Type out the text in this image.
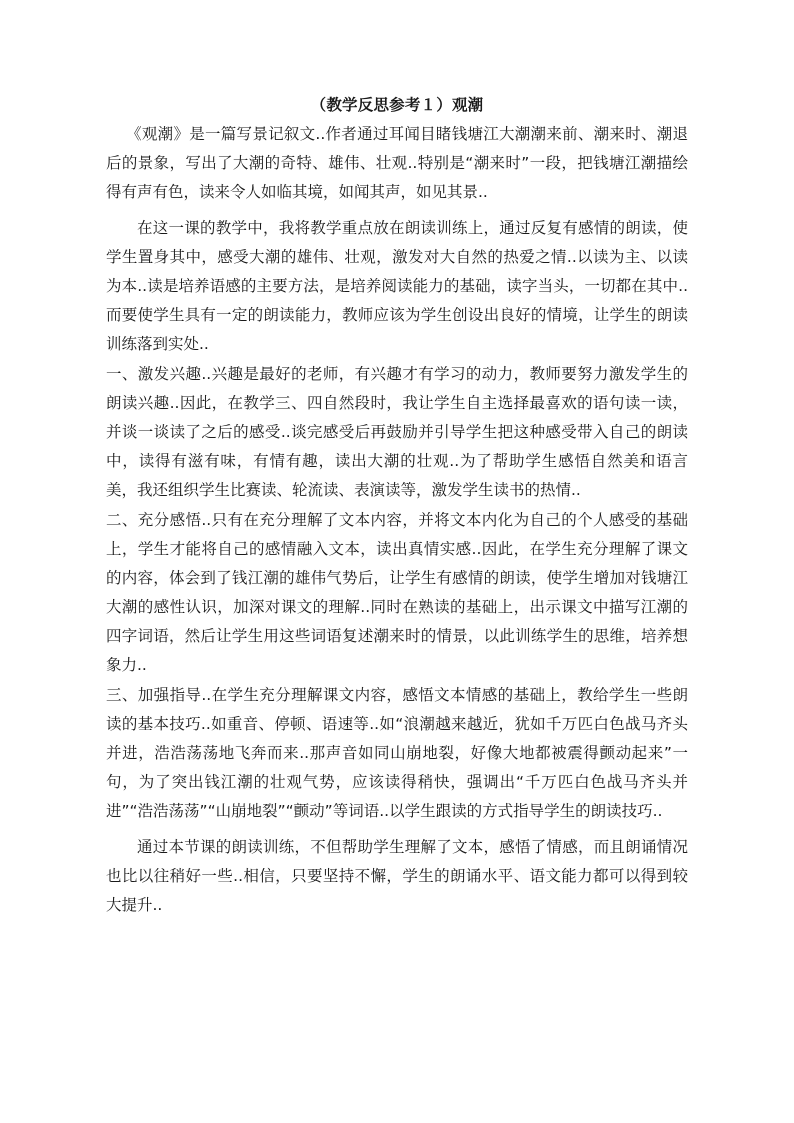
（教学反思参考１）观潮

《观潮》是一篇写景记叙文..作者通过耳闻目睹钱塘江大潮潮来前、潮来时、潮退后的景象，写出了大潮的奇特、雄伟、壮观..特别是“潮来时”一段，把钱塘江潮描绘得有声有色，读来令人如临其境，如闻其声，如见其景..

在这一课的教学中，我将教学重点放在朗读训练上，通过反复有感情的朗读，使学生置身其中，感受大潮的雄伟、壮观，激发对大自然的热爱之情..以读为主、以读为本..读是培养语感的主要方法，是培养阅读能力的基础，读字当头，一切都在其中..而要使学生具有一定的朗读能力，教师应该为学生创设出良好的情境，让学生的朗读训练落到实处..

一、激发兴趣..兴趣是最好的老师，有兴趣才有学习的动力，教师要努力激发学生的朗读兴趣..因此，在教学三、四自然段时，我让学生自主选择最喜欢的语句读一读，并谈一谈读了之后的感受..谈完感受后再鼓励并引导学生把这种感受带入自己的朗读中，读得有滋有味，有情有趣，读出大潮的壮观..为了帮助学生感悟自然美和语言美，我还组织学生比赛读、轮流读、表演读等，激发学生读书的热情..

二、充分感悟..只有在充分理解了文本内容，并将文本内化为自己的个人感受的基础上，学生才能将自己的感情融入文本，读出真情实感..因此，在学生充分理解了课文的内容，体会到了钱江潮的雄伟气势后，让学生有感情的朗读，使学生增加对钱塘江大潮的感性认识，加深对课文的理解..同时在熟读的基础上，出示课文中描写江潮的四字词语，然后让学生用这些词语复述潮来时的情景，以此训练学生的思维，培养想象力..

三、加强指导..在学生充分理解课文内容，感悟文本情感的基础上，教给学生一些朗读的基本技巧..如重音、停顿、语速等..如“浪潮越来越近，犹如千万匹白色战马齐头并进，浩浩荡荡地飞奔而来..那声音如同山崩地裂，好像大地都被震得颤动起来”一句，为了突出钱江潮的壮观气势，应该读得稍快，强调出“千万匹白色战马齐头并进”“浩浩荡荡”“山崩地裂”“颤动”等词语..以学生跟读的方式指导学生的朗读技巧..

通过本节课的朗读训练，不但帮助学生理解了文本，感悟了情感，而且朗诵情况也比以往稍好一些..相信，只要坚持不懈，学生的朗诵水平、语文能力都可以得到较大提升..
